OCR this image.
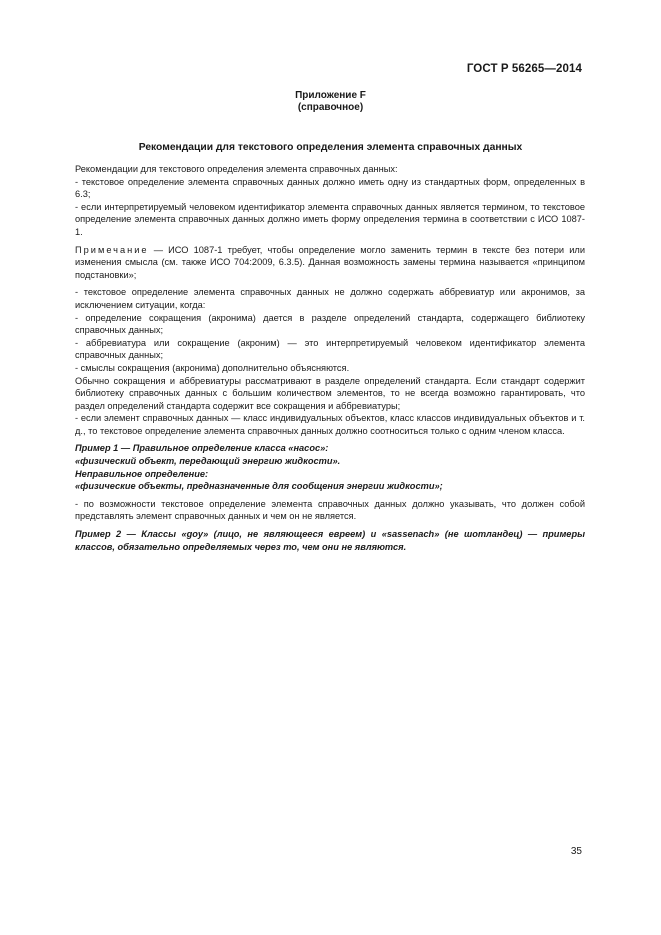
ГОСТ Р 56265—2014
Приложение F
(справочное)
Рекомендации для текстового определения элемента справочных данных

Рекомендации для текстового определения элемента справочных данных:

- текстовое определение элемента справочных данных должно иметь одну из стандартных форм, определенных в 6.3;

- если интерпретируемый человеком идентификатор элемента справочных данных является термином, то текстовое определение элемента справочных данных должно иметь форму определения термина в соответствии с ИСО 1087-1.

Примечание — ИСО 1087-1 требует, чтобы определение могло заменить термин в тексте без потери или изменения смысла (см. также ИСО 704:2009, 6.3.5). Данная возможность замены термина называется «принципом подстановки»;

- текстовое определение элемента справочных данных не должно содержать аббревиатур или акронимов, за исключением ситуации, когда:

- определение сокращения (акронима) дается в разделе определений стандарта, содержащего библиотеку справочных данных;

- аббревиатура или сокращение (акроним) — это интерпретируемый человеком идентификатор элемента справочных данных;

- смыслы сокращения (акронима) дополнительно объясняются.

Обычно сокращения и аббревиатуры рассматривают в разделе определений стандарта. Если стандарт содержит библиотеку справочных данных с большим количеством элементов, то не всегда возможно гарантировать, что раздел определений стандарта содержит все сокращения и аббревиатуры;

- если элемент справочных данных — класс индивидуальных объектов, класс классов индивидуальных объектов и т. д., то текстовое определение элемента справочных данных должно соотноситься только с одним членом класса.

Пример 1 — Правильное определение класса «насос»:

«физический объект, передающий энергию жидкости».

Неправильное определение:

«физические объекты, предназначенные для сообщения энергии жидкости»;

- по возможности текстовое определение элемента справочных данных должно указывать, что должен собой представлять элемент справочных данных и чем он не является.

Пример 2 — Классы «goy» (лицо, не являющееся евреем) и «sassenach» (не шотландец) — примеры классов, обязательно определяемых через то, чем они не являются.

35
